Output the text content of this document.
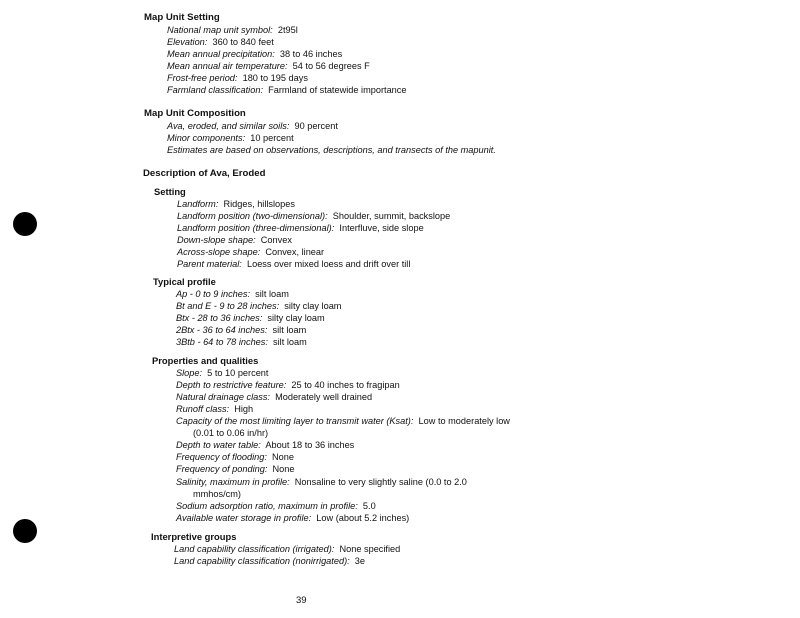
Map Unit Setting
National map unit symbol: 2t95l
Elevation: 360 to 840 feet
Mean annual precipitation: 38 to 46 inches
Mean annual air temperature: 54 to 56 degrees F
Frost-free period: 180 to 195 days
Farmland classification: Farmland of statewide importance
Map Unit Composition
Ava, eroded, and similar soils: 90 percent
Minor components: 10 percent
Estimates are based on observations, descriptions, and transects of the mapunit.
Description of Ava, Eroded
Setting
Landform: Ridges, hillslopes
Landform position (two-dimensional): Shoulder, summit, backslope
Landform position (three-dimensional): Interfluve, side slope
Down-slope shape: Convex
Across-slope shape: Convex, linear
Parent material: Loess over mixed loess and drift over till
Typical profile
Ap - 0 to 9 inches: silt loam
Bt and E - 9 to 28 inches: silty clay loam
Btx - 28 to 36 inches: silty clay loam
2Btx - 36 to 64 inches: silt loam
3Btb - 64 to 78 inches: silt loam
Properties and qualities
Slope: 5 to 10 percent
Depth to restrictive feature: 25 to 40 inches to fragipan
Natural drainage class: Moderately well drained
Runoff class: High
Capacity of the most limiting layer to transmit water (Ksat): Low to moderately low
(0.01 to 0.06 in/hr)
Depth to water table: About 18 to 36 inches
Frequency of flooding: None
Frequency of ponding: None
Salinity, maximum in profile: Nonsaline to very slightly saline (0.0 to 2.0
mmhos/cm)
Sodium adsorption ratio, maximum in profile: 5.0
Available water storage in profile: Low (about 5.2 inches)
Interpretive groups
Land capability classification (irrigated): None specified
Land capability classification (nonirrigated): 3e
39
